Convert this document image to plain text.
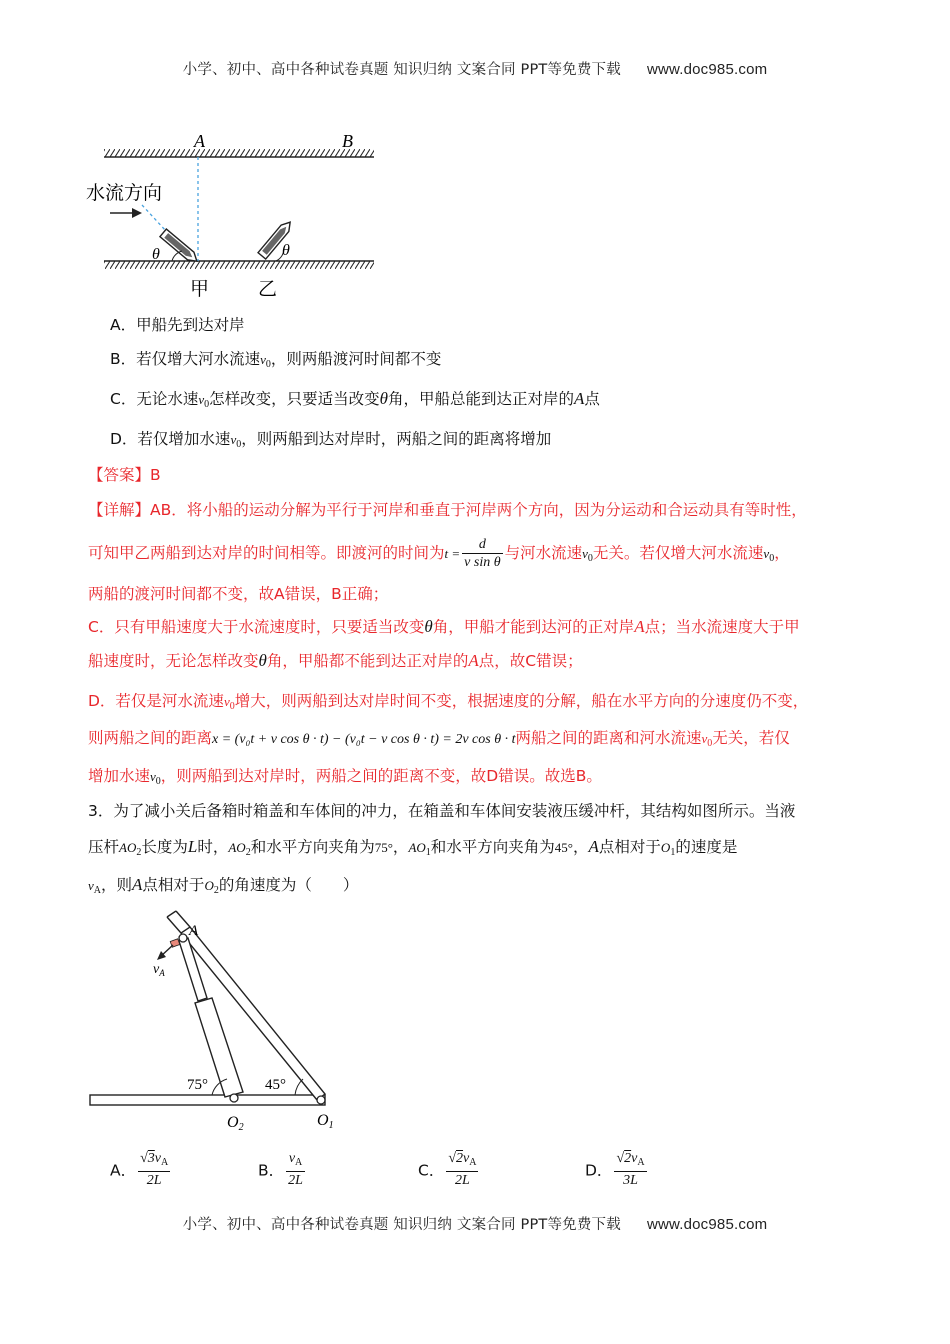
小学、初中、高中各种试卷真题 知识归纳 文案合同 PPT等免费下载 www.doc985.com
A	B
水流方向
θ	θ
甲	乙
A．甲船先到达对岸
B．若仅增大河水流速$v_0$，则两船渡河时间都不变
C．无论水速$v_0$怎样改变，只要适当改变θ角，甲船总能到达正对岸的A点
D．若仅增加水速$v_0$，则两船到达对岸时，两船之间的距离将增加
【答案】B
【详解】AB．将小船的运动分解为平行于河岸和垂直于河岸两个方向，因为分运动和合运动具有等时性，
可知甲乙两船到达对岸的时间相等。即渡河的时间为$t = \frac{d}{\text{v sin θ}}$ 与河水流速$v_0$无关。若仅增大河水流速$v_0$，
两船的渡河时间都不变，故A错误，B正确；
C．只有甲船速度大于水流速度时，只要适当改变θ角，甲船才能到达河的正对岸A点；当水流速度大于甲
船速度时，无论怎样改变θ角，甲船都不能到达正对岸的A点，故C错误；
D．若仅是河水流速$v_0$增大，则两船到达对岸时间不变，根据速度的分解，船在水平方向的分速度仍不变，
则两船之间的距离x = (v₀t + v cos θ · t) − (v₀t − v cos θ · t) = 2v cos θ · t两船之间的距离和河水流速$v_0$无关，若仅
增加水速$v_0$，则两船到达对岸时，两船之间的距离不变，故D错误。故选B。
3．为了减小关后备箱时箱盖和车体间的冲力，在箱盖和车体间安装液压缓冲杆，其结构如图所示。当液
压杆$AO_2$长度为L时，$AO_2$和水平方向夹角为75°，$AO_1$和水平方向夹角为45°，A点相对于$O_1$的速度是
$v_A$，则A点相对于$O_2$的角速度为（　　）
A
$v_A$
75°	45°
O2	O1
A． $\frac{√3v_A}{2L}$	B． $\frac{v_A}{2L}$	C． $\frac{√2v_A}{2L}$	D． $\frac{√2v_A}{3L}$
小学、初中、高中各种试卷真题 知识归纳 文案合同 PPT等免费下载 www.doc985.com
